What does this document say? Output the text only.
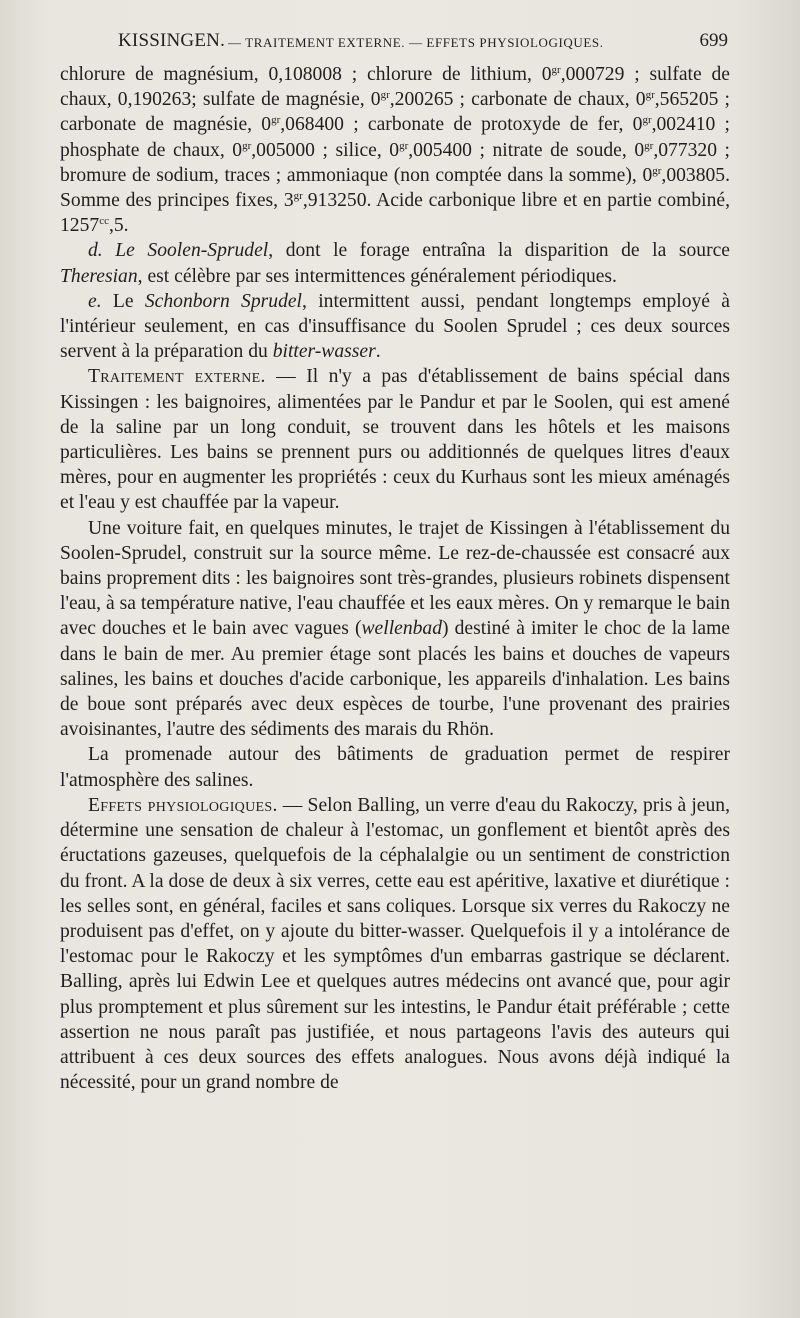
KISSINGEN. — TRAITEMENT EXTERNE. — EFFETS PHYSIOLOGIQUES.	699

chlorure de magnésium, 0,108008 ; chlorure de lithium, $0^{gr},000729$ ; sulfate de chaux, 0,190263; sulfate de magnésie, $0^{gr},200265$ ; carbonate de chaux, $0^{gr},565205$ ; carbonate de magnésie, $0^{gr},068400$ ; carbonate de protoxyde de fer, $0^{gr},002410$ ; phosphate de chaux, $0^{gr},005000$ ; silice, $0^{gr},005400$ ; nitrate de soude, $0^{gr},077320$ ; bromure de sodium, traces ; ammoniaque (non comptée dans la somme), $0^{gr},003805$. Somme des principes fixes, $3^{gr},913250$. Acide carbonique libre et en partie combiné, $1257^{cc},5$.

d. Le Soolen-Sprudel, dont le forage entraîna la disparition de la source Theresian, est célèbre par ses intermittences généralement périodiques.

e. Le Schonborn Sprudel, intermittent aussi, pendant longtemps employé à l'intérieur seulement, en cas d'insuffisance du Soolen Sprudel ; ces deux sources servent à la préparation du bitter-wasser.

Traitement externe. — Il n'y a pas d'établissement de bains spécial dans Kissingen : les baignoires, alimentées par le Pandur et par le Soolen, qui est amené de la saline par un long conduit, se trouvent dans les hôtels et les maisons particulières. Les bains se prennent purs ou additionnés de quelques litres d'eaux mères, pour en augmenter les propriétés : ceux du Kurhaus sont les mieux aménagés et l'eau y est chauffée par la vapeur.

Une voiture fait, en quelques minutes, le trajet de Kissingen à l'établissement du Soolen-Sprudel, construit sur la source même. Le rez-de-chaussée est consacré aux bains proprement dits : les baignoires sont très-grandes, plusieurs robinets dispensent l'eau, à sa température native, l'eau chauffée et les eaux mères. On y remarque le bain avec douches et le bain avec vagues (wellenbad) destiné à imiter le choc de la lame dans le bain de mer. Au premier étage sont placés les bains et douches de vapeurs salines, les bains et douches d'acide carbonique, les appareils d'inhalation. Les bains de boue sont préparés avec deux espèces de tourbe, l'une provenant des prairies avoisinantes, l'autre des sédiments des marais du Rhön.

La promenade autour des bâtiments de graduation permet de respirer l'atmosphère des salines.

Effets physiologiques. — Selon Balling, un verre d'eau du Rakoczy, pris à jeun, détermine une sensation de chaleur à l'estomac, un gonflement et bientôt après des éructations gazeuses, quelquefois de la céphalalgie ou un sentiment de constriction du front. A la dose de deux à six verres, cette eau est apéritive, laxative et diurétique : les selles sont, en général, faciles et sans coliques. Lorsque six verres du Rakoczy ne produisent pas d'effet, on y ajoute du bitter-wasser. Quelquefois il y a intolérance de l'estomac pour le Rakoczy et les symptômes d'un embarras gastrique se déclarent. Balling, après lui Edwin Lee et quelques autres médecins ont avancé que, pour agir plus promptement et plus sûrement sur les intestins, le Pandur était préférable ; cette assertion ne nous paraît pas justifiée, et nous partageons l'avis des auteurs qui attribuent à ces deux sources des effets analogues. Nous avons déjà indiqué la nécessité, pour un grand nombre de
